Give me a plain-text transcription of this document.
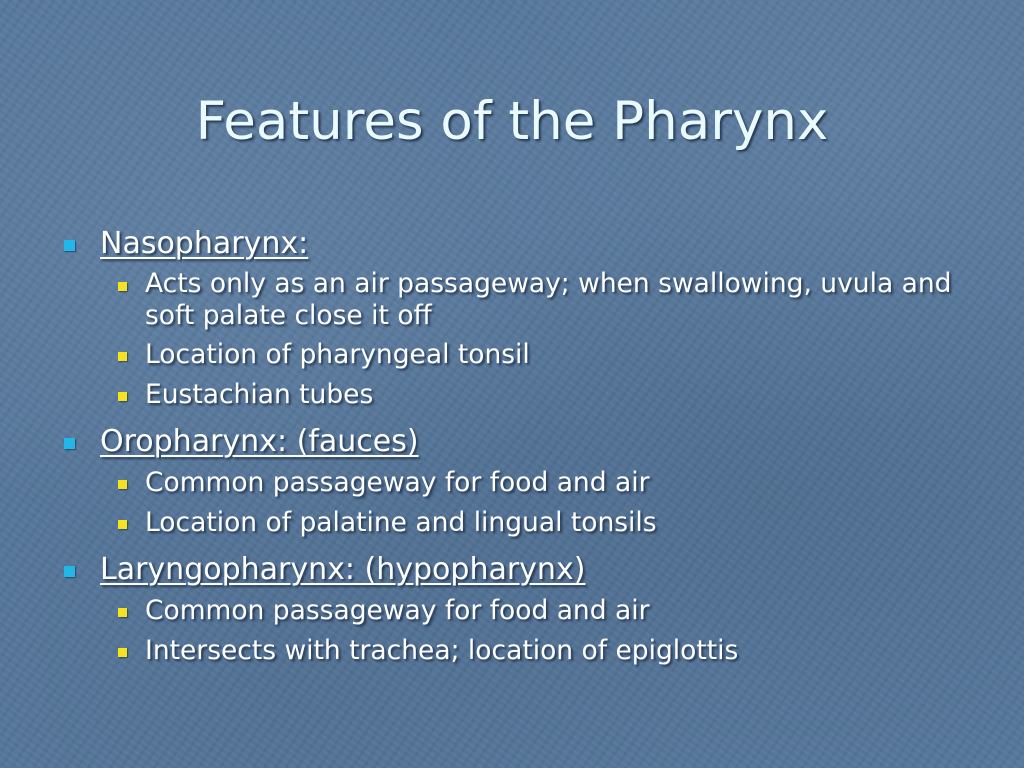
Features of the Pharynx
Nasopharynx:
Acts only as an air passageway; when swallowing, uvula and soft palate close it off
Location of pharyngeal tonsil
Eustachian tubes
Oropharynx: (fauces)
Common passageway for food and air
Location of palatine and lingual tonsils
Laryngopharynx: (hypopharynx)
Common passageway for food and air
Intersects with trachea; location of epiglottis
